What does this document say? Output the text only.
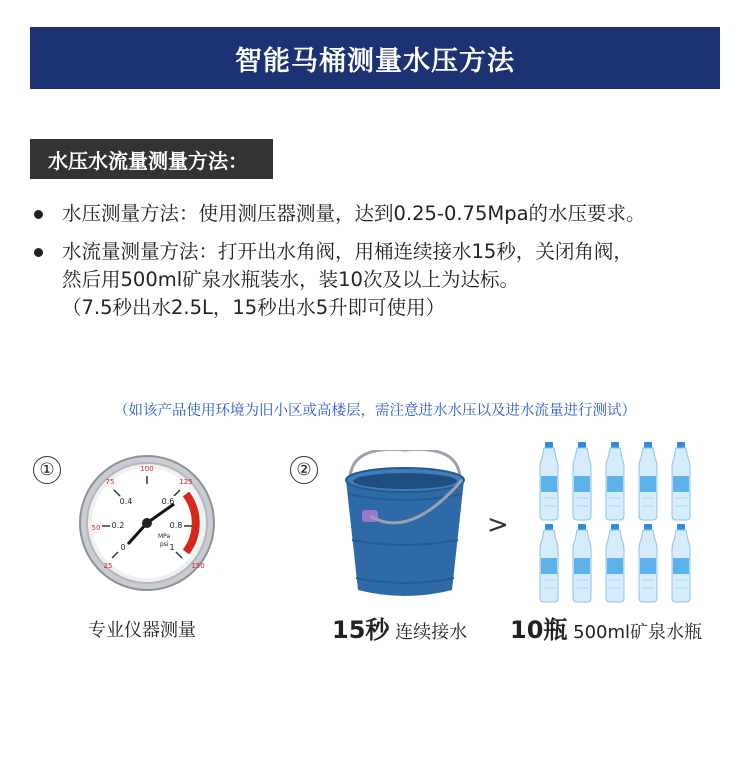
智能马桶测量水压方法
水压水流量测量方法：
水压测量方法：使用测压器测量，达到0.25-0.75Mpa的水压要求。
水流量测量方法：打开出水角阀，用桶连续接水15秒，关闭角阀，
然后用500ml矿泉水瓶装水，装10次及以上为达标。
（7.5秒出水2.5L，15秒出水5升即可使用）
（如该产品使用环境为旧小区或高楼层，需注意进水水压以及进水流量进行测试）
①	②
0
0.2
0.4	0.6
0.8
1
25
50
75
100
125
150
MPa
psi
>
专业仪器测量	15秒 连续接水 10瓶 500ml矿泉水瓶
